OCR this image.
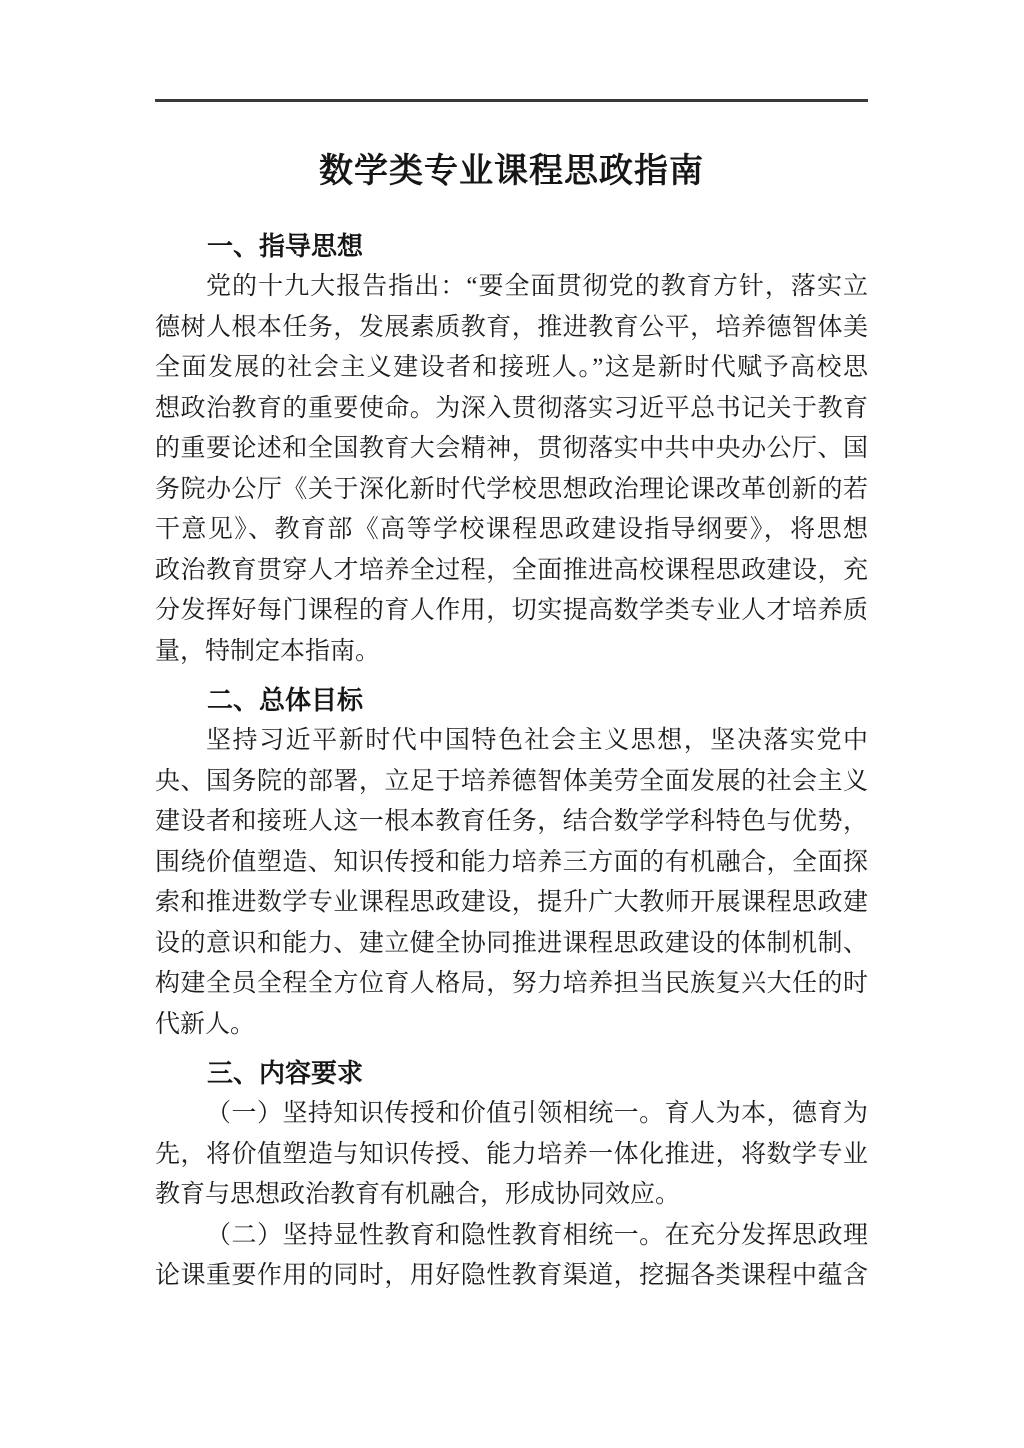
数学类专业课程思政指南
一、指导思想
党的十九大报告指出：“要全面贯彻党的教育方针，落实立
德树人根本任务，发展素质教育，推进教育公平，培养德智体美
全面发展的社会主义建设者和接班人。”这是新时代赋予高校思
想政治教育的重要使命。为深入贯彻落实习近平总书记关于教育
的重要论述和全国教育大会精神，贯彻落实中共中央办公厅、国
务院办公厅《关于深化新时代学校思想政治理论课改革创新的若
干意见》、教育部《高等学校课程思政建设指导纲要》，将思想
政治教育贯穿人才培养全过程，全面推进高校课程思政建设，充
分发挥好每门课程的育人作用，切实提高数学类专业人才培养质
量，特制定本指南。
二、总体目标
坚持习近平新时代中国特色社会主义思想，坚决落实党中
央、国务院的部署，立足于培养德智体美劳全面发展的社会主义
建设者和接班人这一根本教育任务，结合数学学科特色与优势，
围绕价值塑造、知识传授和能力培养三方面的有机融合，全面探
索和推进数学专业课程思政建设，提升广大教师开展课程思政建
设的意识和能力、建立健全协同推进课程思政建设的体制机制、
构建全员全程全方位育人格局，努力培养担当民族复兴大任的时
代新人。
三、内容要求
（一）坚持知识传授和价值引领相统一。育人为本，德育为
先，将价值塑造与知识传授、能力培养一体化推进，将数学专业
教育与思想政治教育有机融合，形成协同效应。
（二）坚持显性教育和隐性教育相统一。在充分发挥思政理
论课重要作用的同时，用好隐性教育渠道，挖掘各类课程中蕴含
